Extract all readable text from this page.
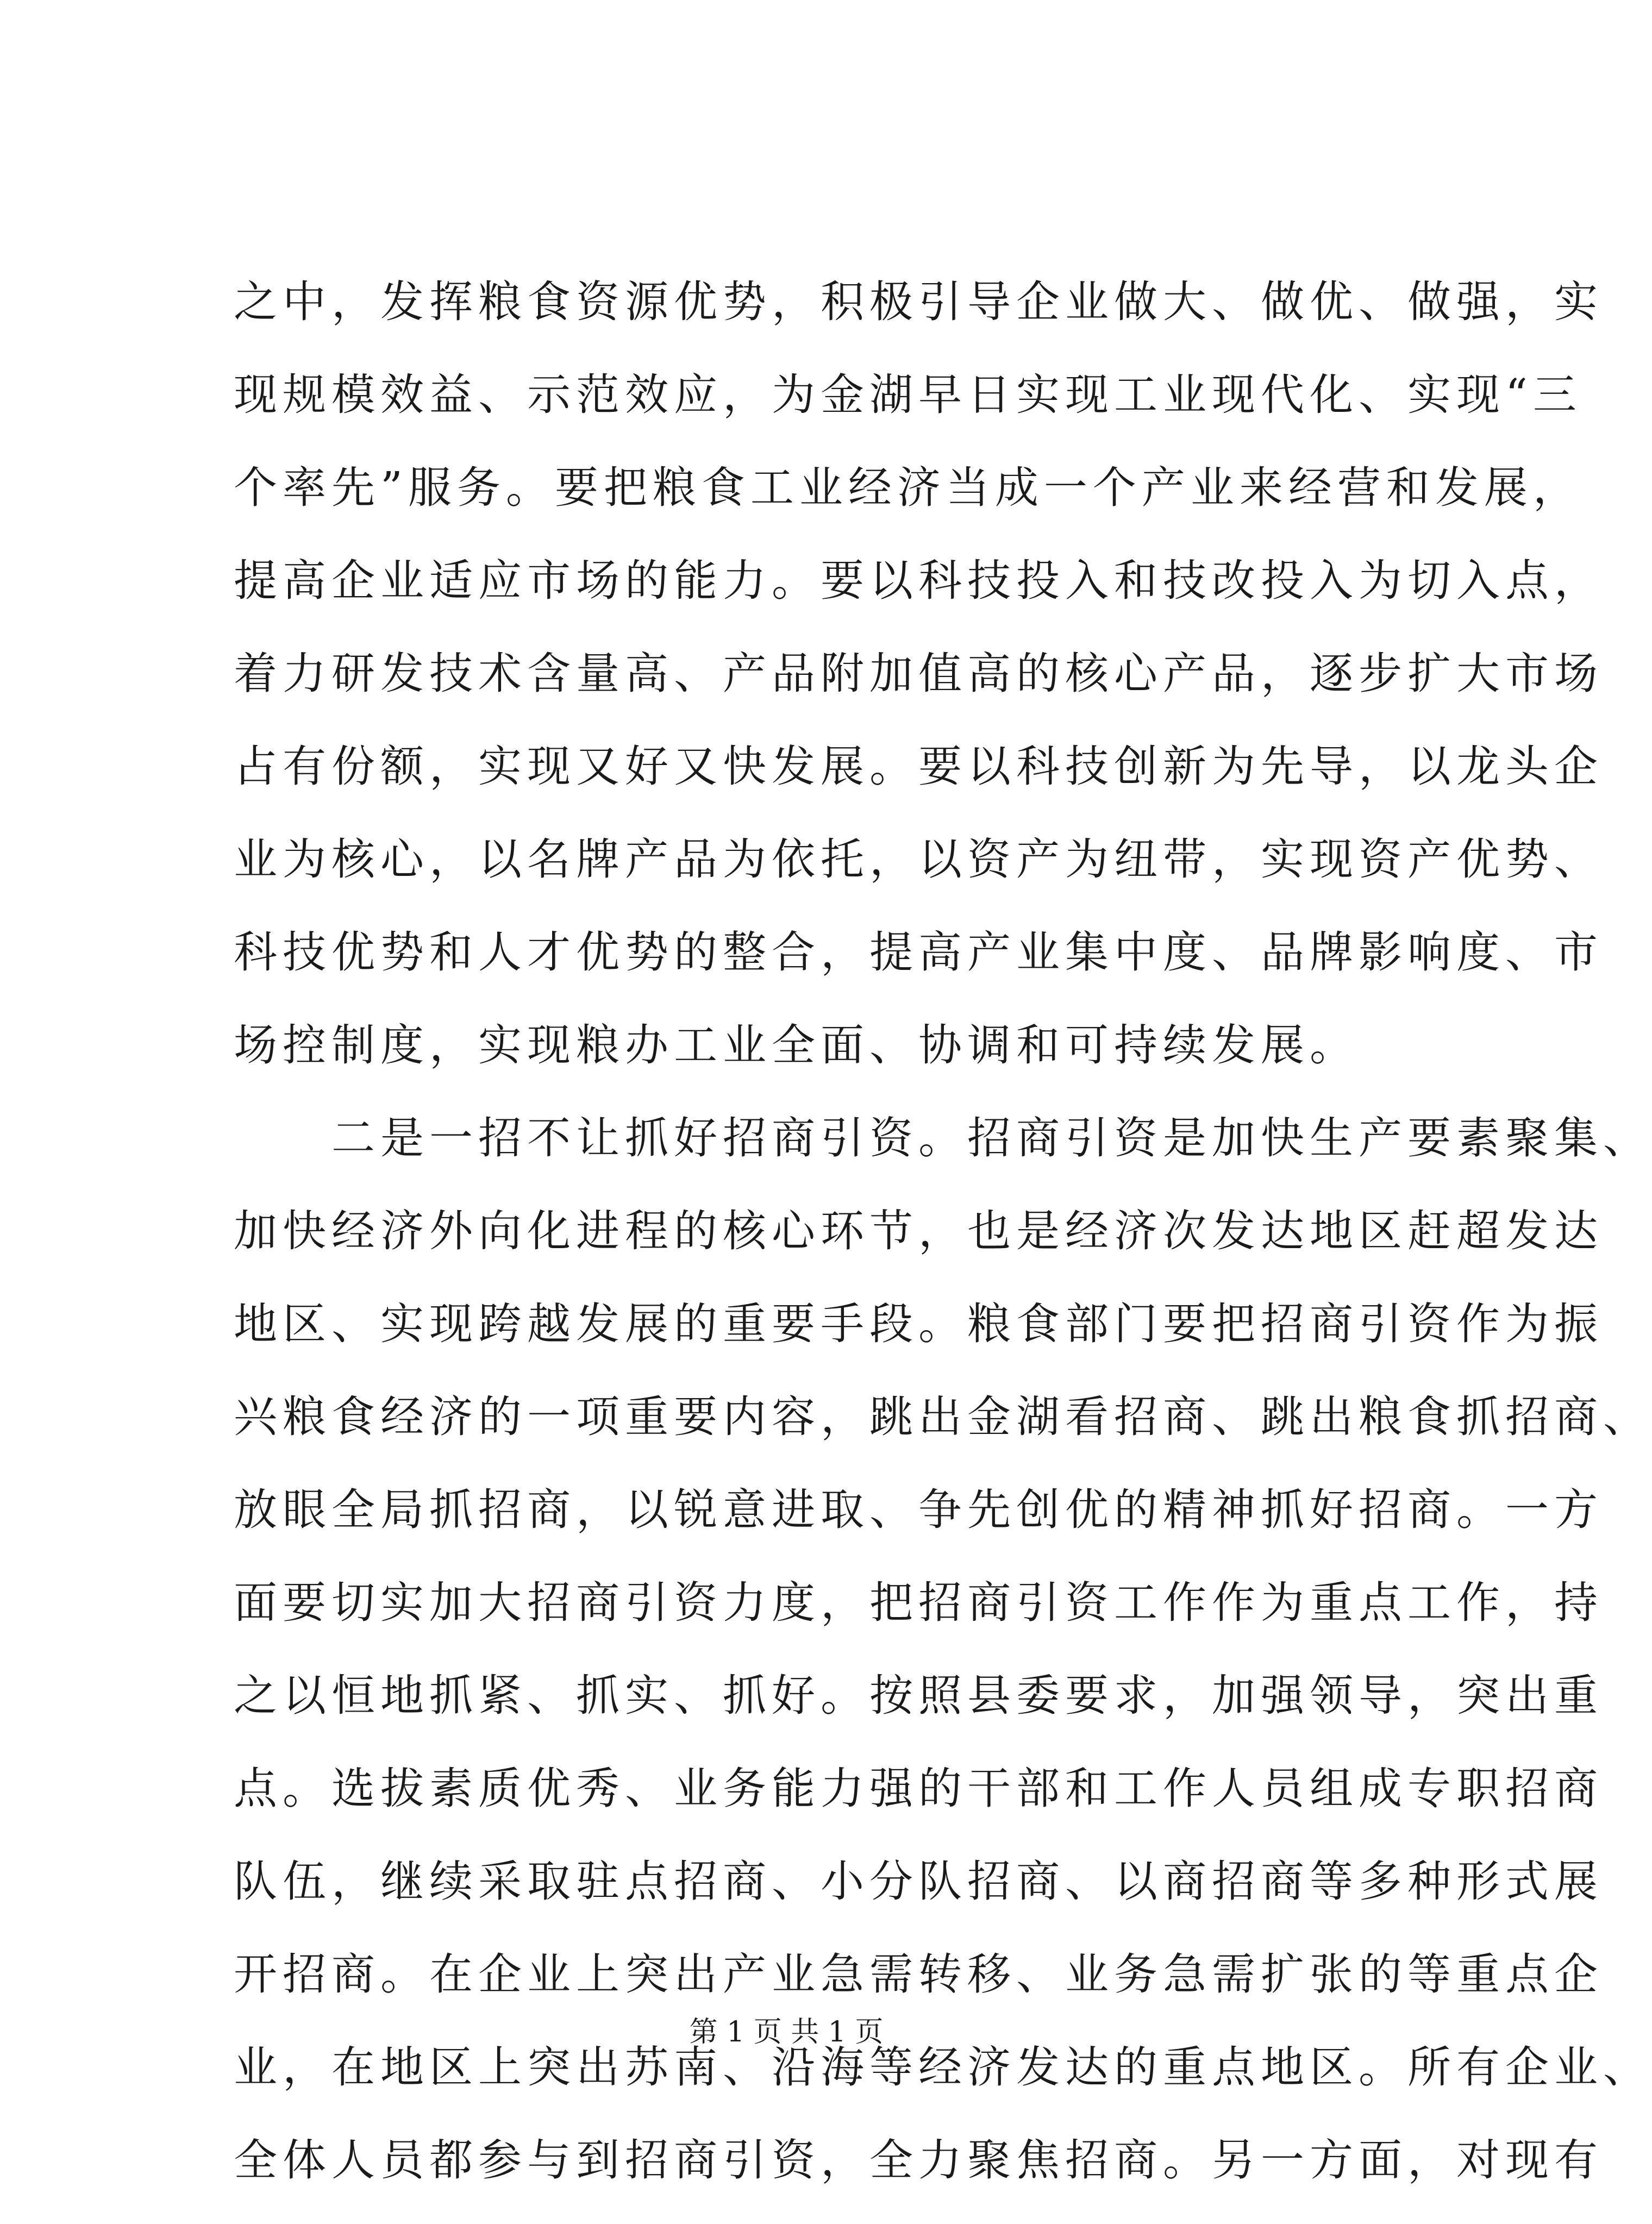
之中，发挥粮食资源优势，积极引导企业做大、做优、做强，实
现规模效益、示范效应，为金湖早日实现工业现代化、实现“三
个率先”服务。要把粮食工业经济当成一个产业来经营和发展，
提高企业适应市场的能力。要以科技投入和技改投入为切入点，
着力研发技术含量高、产品附加值高的核心产品，逐步扩大市场
占有份额，实现又好又快发展。要以科技创新为先导，以龙头企
业为核心，以名牌产品为依托，以资产为纽带，实现资产优势、
科技优势和人才优势的整合，提高产业集中度、品牌影响度、市
场控制度，实现粮办工业全面、协调和可持续发展。
　　二是一招不让抓好招商引资。招商引资是加快生产要素聚集、
加快经济外向化进程的核心环节，也是经济次发达地区赶超发达
地区、实现跨越发展的重要手段。粮食部门要把招商引资作为振
兴粮食经济的一项重要内容，跳出金湖看招商、跳出粮食抓招商、
放眼全局抓招商，以锐意进取、争先创优的精神抓好招商。一方
面要切实加大招商引资力度，把招商引资工作作为重点工作，持
之以恒地抓紧、抓实、抓好。按照县委要求，加强领导，突出重
点。选拔素质优秀、业务能力强的干部和工作人员组成专职招商
队伍，继续采取驻点招商、小分队招商、以商招商等多种形式展
开招商。在企业上突出产业急需转移、业务急需扩张的等重点企
业，在地区上突出苏南、沿海等经济发达的重点地区。所有企业、
全体人员都参与到招商引资，全力聚焦招商。另一方面，对现有
第 1 页 共 1 页
